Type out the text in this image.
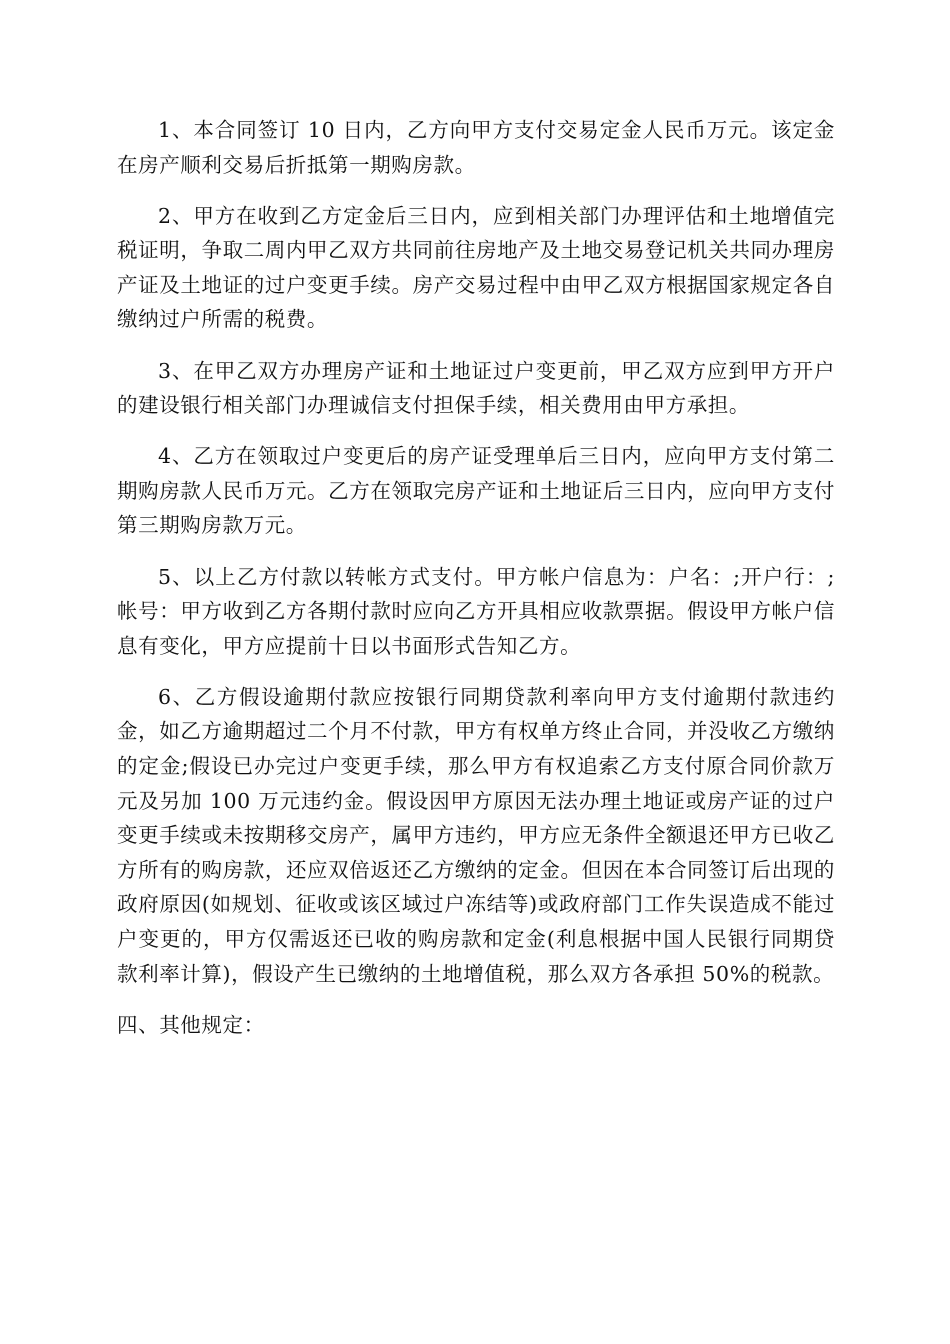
1、本合同签订 10 日内，乙方向甲方支付交易定金人民币万元。该定金在房产顺利交易后折抵第一期购房款。

2、甲方在收到乙方定金后三日内，应到相关部门办理评估和土地增值完税证明，争取二周内甲乙双方共同前往房地产及土地交易登记机关共同办理房产证及土地证的过户变更手续。房产交易过程中由甲乙双方根据国家规定各自缴纳过户所需的税费。

3、在甲乙双方办理房产证和土地证过户变更前，甲乙双方应到甲方开户的建设银行相关部门办理诚信支付担保手续，相关费用由甲方承担。

4、乙方在领取过户变更后的房产证受理单后三日内，应向甲方支付第二期购房款人民币万元。乙方在领取完房产证和土地证后三日内，应向甲方支付第三期购房款万元。

5、以上乙方付款以转帐方式支付。甲方帐户信息为：户名：;开户行：;帐号：甲方收到乙方各期付款时应向乙方开具相应收款票据。假设甲方帐户信息有变化，甲方应提前十日以书面形式告知乙方。

6、乙方假设逾期付款应按银行同期贷款利率向甲方支付逾期付款违约金，如乙方逾期超过二个月不付款，甲方有权单方终止合同，并没收乙方缴纳的定金;假设已办完过户变更手续，那么甲方有权追索乙方支付原合同价款万元及另加 100 万元违约金。假设因甲方原因无法办理土地证或房产证的过户变更手续或未按期移交房产，属甲方违约，甲方应无条件全额退还甲方已收乙方所有的购房款，还应双倍返还乙方缴纳的定金。但因在本合同签订后出现的政府原因(如规划、征收或该区域过户冻结等)或政府部门工作失误造成不能过户变更的，甲方仅需返还已收的购房款和定金(利息根据中国人民银行同期贷款利率计算)，假设产生已缴纳的土地增值税，那么双方各承担 50%的税款。

四、其他规定：
